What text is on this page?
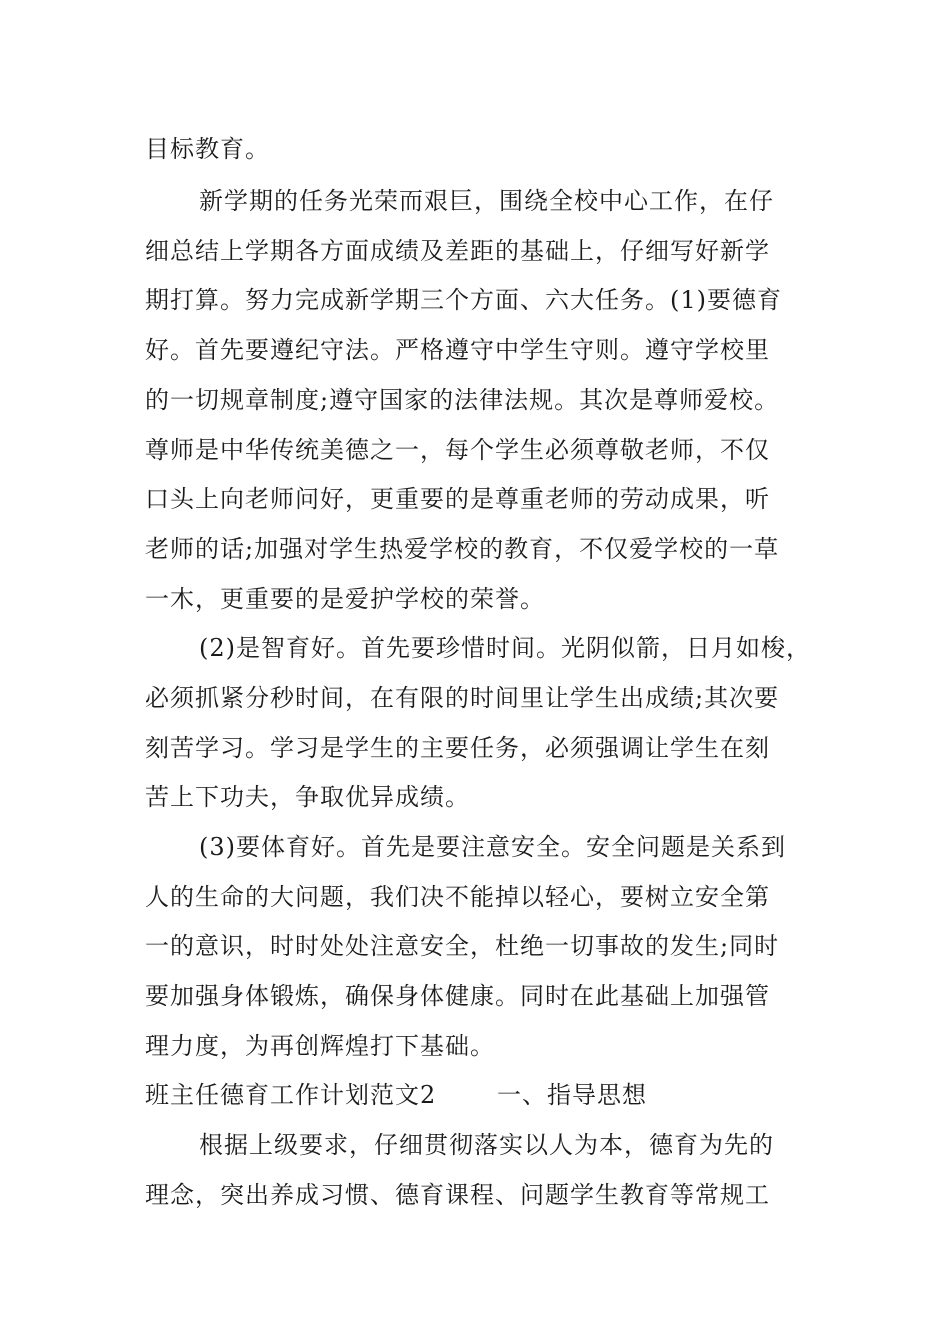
目标教育。
新学期的任务光荣而艰巨，围绕全校中心工作，在仔
细总结上学期各方面成绩及差距的基础上，仔细写好新学
期打算。努力完成新学期三个方面、六大任务。(1)要德育
好。首先要遵纪守法。严格遵守中学生守则。遵守学校里
的一切规章制度;遵守国家的法律法规。其次是尊师爱校。
尊师是中华传统美德之一，每个学生必须尊敬老师，不仅
口头上向老师问好，更重要的是尊重老师的劳动成果，听
老师的话;加强对学生热爱学校的教育，不仅爱学校的一草
一木，更重要的是爱护学校的荣誉。
(2)是智育好。首先要珍惜时间。光阴似箭，日月如梭，
必须抓紧分秒时间，在有限的时间里让学生出成绩;其次要
刻苦学习。学习是学生的主要任务，必须强调让学生在刻
苦上下功夫，争取优异成绩。
(3)要体育好。首先是要注意安全。安全问题是关系到
人的生命的大问题，我们决不能掉以轻心，要树立安全第
一的意识，时时处处注意安全，杜绝一切事故的发生;同时
要加强身体锻炼，确保身体健康。同时在此基础上加强管
理力度，为再创辉煌打下基础。
班主任德育工作计划范文2	一、指导思想
根据上级要求，仔细贯彻落实以人为本，德育为先的
理念，突出养成习惯、德育课程、问题学生教育等常规工
